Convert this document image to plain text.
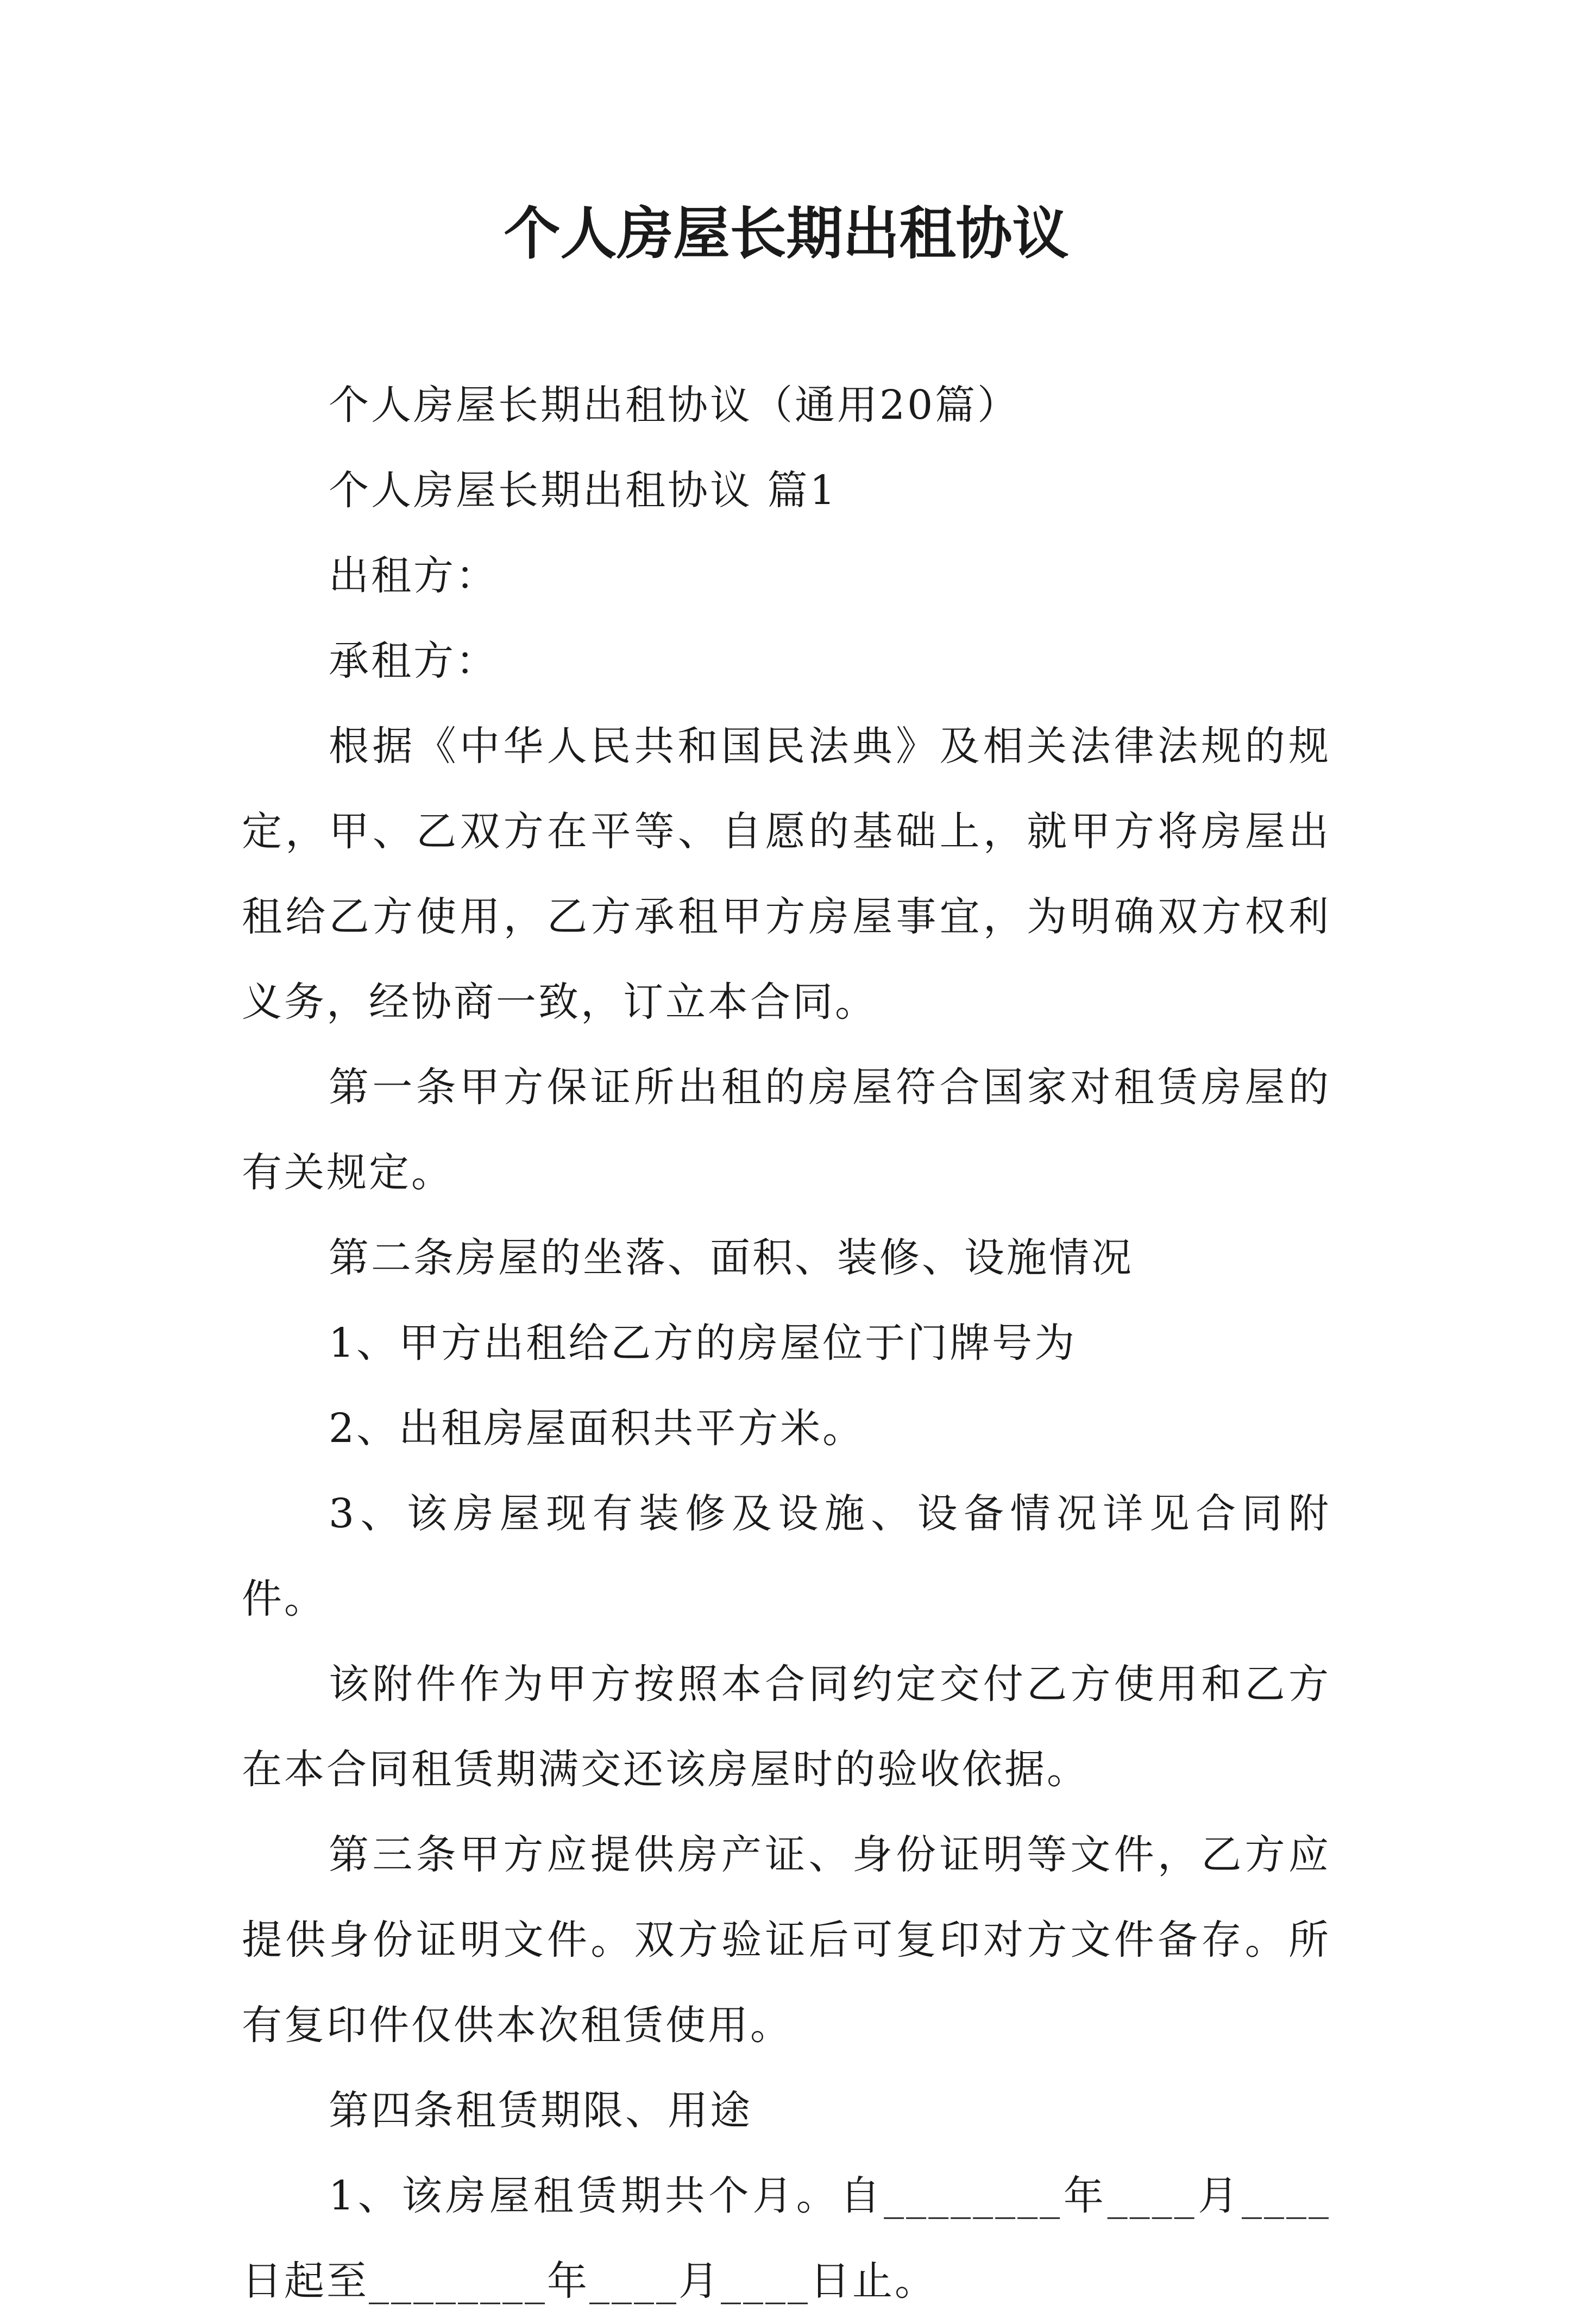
个人房屋长期出租协议

个人房屋长期出租协议（通用20篇）

个人房屋长期出租协议 篇1

出租方：

承租方：

根据《中华人民共和国民法典》及相关法律法规的规定，甲、乙双方在平等、自愿的基础上，就甲方将房屋出租给乙方使用，乙方承租甲方房屋事宜，为明确双方权利义务，经协商一致，订立本合同。

第一条甲方保证所出租的房屋符合国家对租赁房屋的有关规定。

第二条房屋的坐落、面积、装修、设施情况

1、甲方出租给乙方的房屋位于门牌号为

2、出租房屋面积共平方米。

3、该房屋现有装修及设施、设备情况详见合同附件。

该附件作为甲方按照本合同约定交付乙方使用和乙方在本合同租赁期满交还该房屋时的验收依据。

第三条甲方应提供房产证、身份证明等文件，乙方应提供身份证明文件。双方验证后可复印对方文件备存。所有复印件仅供本次租赁使用。

第四条租赁期限、用途

1、该房屋租赁期共个月。自________年____月____日起至________年____月____日止。
